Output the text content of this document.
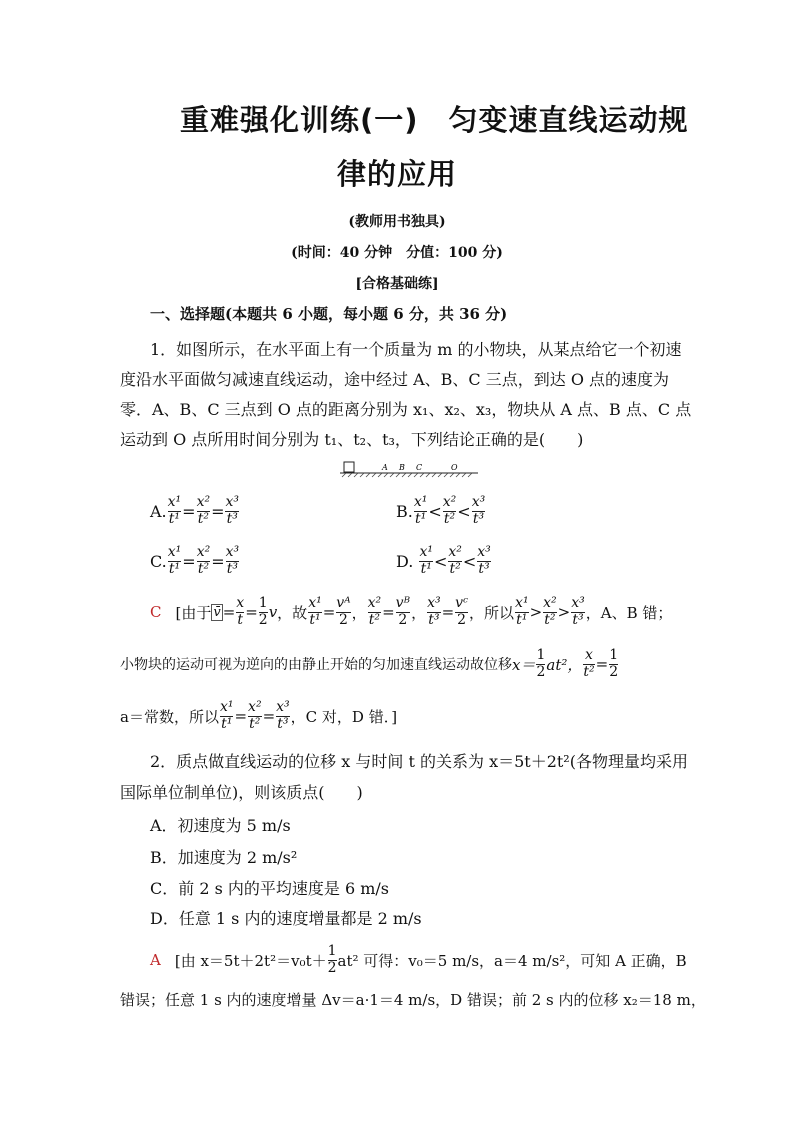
重难强化训练(一)　匀变速直线运动规
律的应用
(教师用书独具)
(时间：40 分钟　分值：100 分)
[合格基础练]
一、选择题(本题共 6 小题，每小题 6 分，共 36 分)
1．如图所示，在水平面上有一个质量为 m 的小物块，从某点给它一个初速
度沿水平面做匀减速直线运动，途中经过 A、B、C 三点，到达 O 点的速度为
零．A、B、C 三点到 O 点的距离分别为 x₁、x₂、x₃，物块从 A 点、B 点、C 点
运动到 O 点所用时间分别为 t₁、t₂、t₃，下列结论正确的是(　　)
A B C	O
A. $\frac{\text{x¹}}{\text{t¹}} = \frac{\text{x²}}{\text{t²}} = \frac{\text{x³}}{\text{t³}}$	B. $\frac{\text{x¹}}{\text{t¹}} < \frac{\text{x²}}{\text{t²}} < \frac{\text{x³}}{\text{t³}}$
C. $\frac{\text{x¹}}{\text{t¹}} = \frac{\text{x²}}{\text{t²}} = \frac{\text{x³}}{\text{t³}}$	D.
$\frac{\text{x¹}}{\text{t¹}} < \frac{\text{x²}}{\text{t²}} < \frac{\text{x³}}{\text{t³}}$
C [由于 v̄ = $\frac{x}{t} = \frac{1}{2}$ v ，故 $\frac{\text{x¹}}{\text{t¹}} = \frac{\text{vᴬ}}{2}$ ， $\frac{\text{x²}}{\text{t²}} = \frac{\text{vᴮ}}{2}$ ， $\frac{\text{x³}}{\text{t³}} = \frac{\text{vᶜ}}{2}$ ，所以 $\frac{\text{x¹}}{\text{t¹}} > \frac{\text{x²}}{\text{t²}} > \frac{\text{x³}}{\text{t³}}$ ，A、B 错；
小物块的运动可视为逆向的由静止开始的匀加速直线运动故位移 $x= \frac{1}{2} at^2$， $\frac{x}{\text{t²}} = \frac{1}{2}$
a＝常数，所以 $\frac{\text{x¹}}{\text{t¹}} = \frac{\text{x²}}{\text{t²}} = \frac{\text{x³}}{\text{t³}}$ ，C 对，D 错．]
2．质点做直线运动的位移 x 与时间 t 的关系为 x＝5t＋2t²(各物理量均采用
国际单位制单位)，则该质点(　　)
A．初速度为 5 m/s
B．加速度为 2 m/s²
C．前 2 s 内的平均速度是 6 m/s
D．任意 1 s 内的速度增量都是 2 m/s
A [由 $x=5t+2t^2=v_0t+ \frac{1}{2} at^2$ 可得：v₀＝5 m/s，a＝4 m/s²，可知 A 正确，B
错误；任意 1 s 内的速度增量 Δv＝a·1＝4 m/s，D 错误；前 2 s 内的位移 x₂＝18 m，
